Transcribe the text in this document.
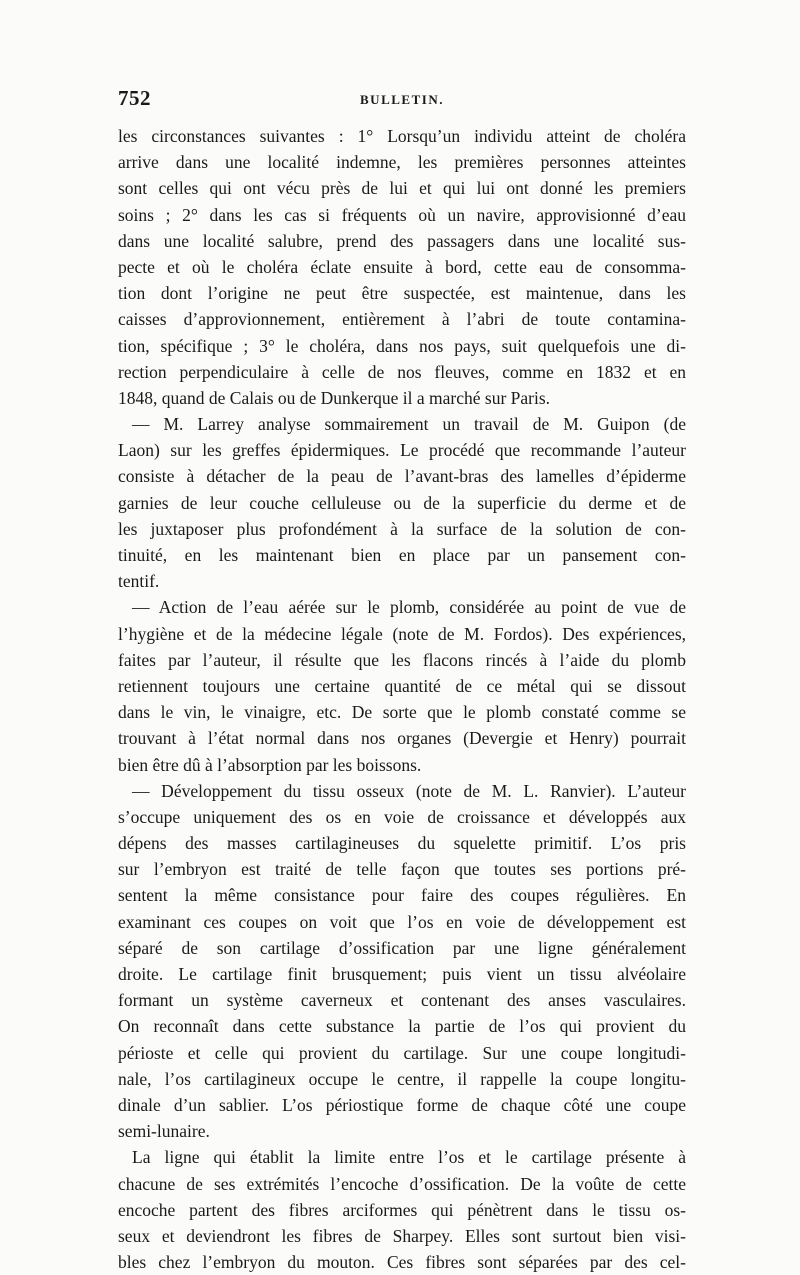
752	BULLETIN.
les circonstances suivantes : 1° Lorsqu’un individu atteint de choléra
arrive dans une localité indemne, les premières personnes atteintes
sont celles qui ont vécu près de lui et qui lui ont donné les premiers
soins ; 2° dans les cas si fréquents où un navire, approvisionné d’eau
dans une localité salubre, prend des passagers dans une localité sus-
pecte et où le choléra éclate ensuite à bord, cette eau de consomma-
tion dont l’origine ne peut être suspectée, est maintenue, dans les
caisses d’approvionnement, entièrement à l’abri de toute contamina-
tion, spécifique ; 3° le choléra, dans nos pays, suit quelquefois une di-
rection perpendiculaire à celle de nos fleuves, comme en 1832 et en
1848, quand de Calais ou de Dunkerque il a marché sur Paris.
— M. Larrey analyse sommairement un travail de M. Guipon (de
Laon) sur les greffes épidermiques. Le procédé que recommande l’auteur
consiste à détacher de la peau de l’avant-bras des lamelles d’épiderme
garnies de leur couche celluleuse ou de la superficie du derme et de
les juxtaposer plus profondément à la surface de la solution de con-
tinuité, en les maintenant bien en place par un pansement con-
tentif.
— Action de l’eau aérée sur le plomb, considérée au point de vue de
l’hygiène et de la médecine légale (note de M. Fordos). Des expériences,
faites par l’auteur, il résulte que les flacons rincés à l’aide du plomb
retiennent toujours une certaine quantité de ce métal qui se dissout
dans le vin, le vinaigre, etc. De sorte que le plomb constaté comme se
trouvant à l’état normal dans nos organes (Devergie et Henry) pourrait
bien être dû à l’absorption par les boissons.
— Développement du tissu osseux (note de M. L. Ranvier). L’auteur
s’occupe uniquement des os en voie de croissance et développés aux
dépens des masses cartilagineuses du squelette primitif. L’os pris
sur l’embryon est traité de telle façon que toutes ses portions pré-
sentent la même consistance pour faire des coupes régulières. En
examinant ces coupes on voit que l’os en voie de développement est
séparé de son cartilage d’ossification par une ligne généralement
droite. Le cartilage finit brusquement; puis vient un tissu alvéolaire
formant un système caverneux et contenant des anses vasculaires.
On reconnaît dans cette substance la partie de l’os qui provient du
périoste et celle qui provient du cartilage. Sur une coupe longitudi-
nale, l’os cartilagineux occupe le centre, il rappelle la coupe longitu-
dinale d’un sablier. L’os périostique forme de chaque côté une coupe
semi-lunaire.
La ligne qui établit la limite entre l’os et le cartilage présente à
chacune de ses extrémités l’encoche d’ossification. De la voûte de cette
encoche partent des fibres arciformes qui pénètrent dans le tissu os-
seux et deviendront les fibres de Sharpey. Elles sont surtout bien visi-
bles chez l’embryon du mouton. Ces fibres sont séparées par des cel-
